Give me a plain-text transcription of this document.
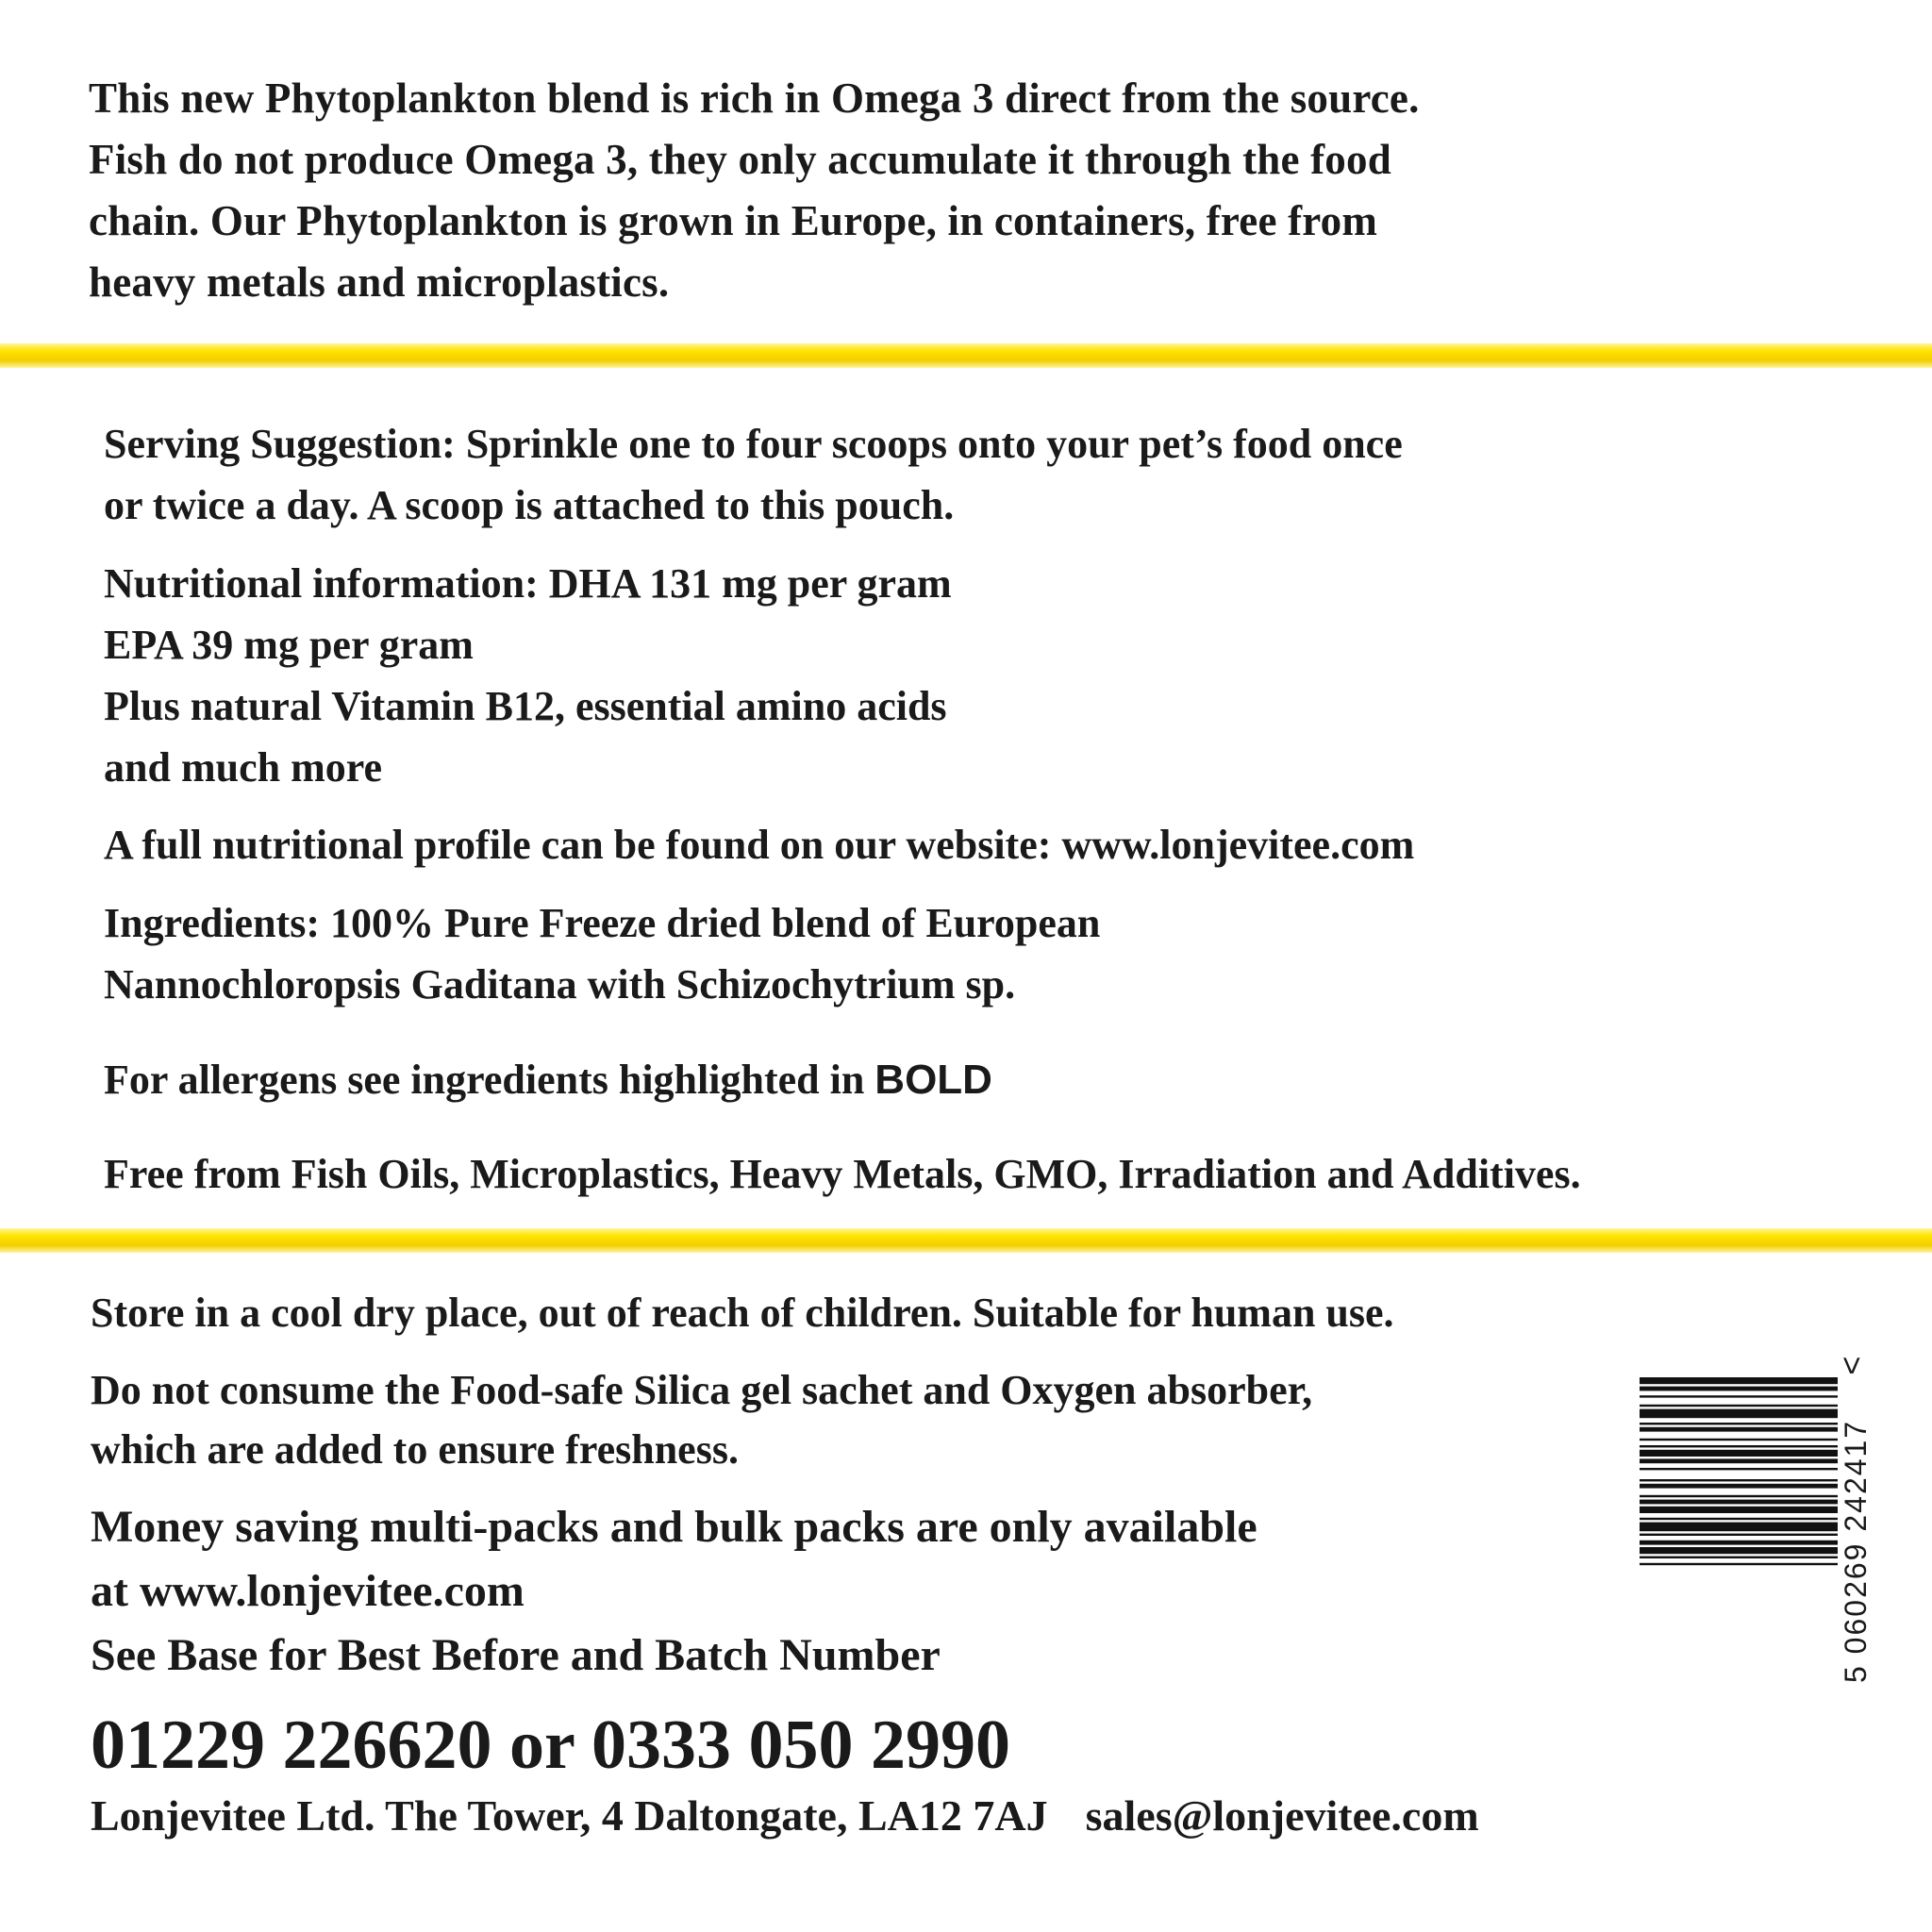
This new Phytoplankton blend is rich in Omega 3 direct from the source.

Fish do not produce Omega 3, they only accumulate it through the food

chain. Our Phytoplankton is grown in Europe, in containers, free from

heavy metals and microplastics.

Serving Suggestion: Sprinkle one to four scoops onto your pet’s food once

or twice a day. A scoop is attached to this pouch.

Nutritional information: DHA 131 mg per gram

EPA 39 mg per gram

Plus natural Vitamin B12, essential amino acids

and much more

A full nutritional profile can be found on our website: www.lonjevitee.com

Ingredients: 100% Pure Freeze dried blend of European

Nannochloropsis Gaditana with Schizochytrium sp.

For allergens see ingredients highlighted in BOLD

Free from Fish Oils, Microplastics, Heavy Metals, GMO, Irradiation and Additives.

Store in a cool dry place, out of reach of children. Suitable for human use.

Do not consume the Food-safe Silica gel sachet and Oxygen absorber,

which are added to ensure freshness.

Money saving multi-packs and bulk packs are only available

at www.lonjevitee.com

See Base for Best Before and Batch Number

01229 226620 or 0333 050 2990

Lonjevitee Ltd. The Tower, 4 Daltongate, LA12 7AJ sales@lonjevitee.com

5 060269 242417
>
